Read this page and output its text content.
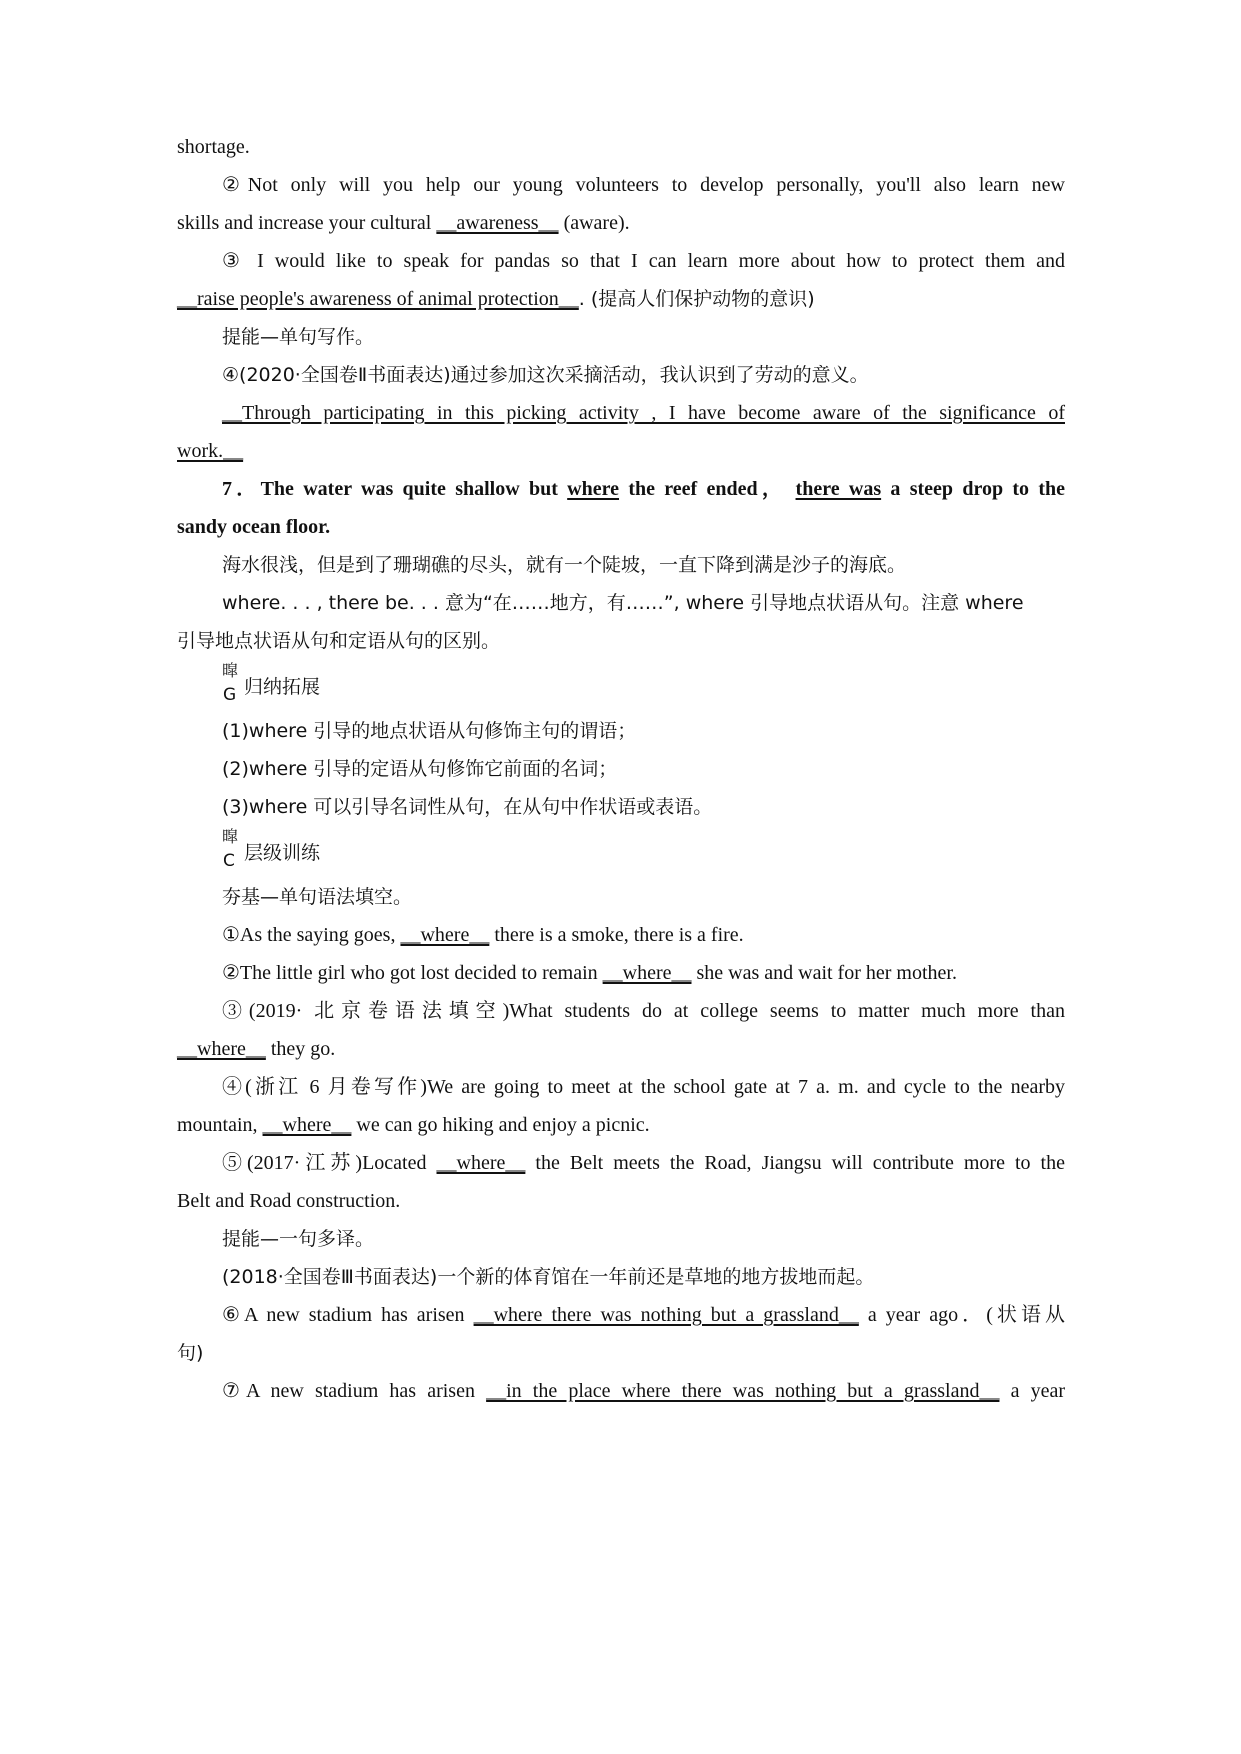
shortage.
②Not only will you help our young volunteers to develop personally, you'll also learn new
skills and increase your cultural __awareness__ (aware).
③ I would like to speak for pandas so that I can learn more about how to protect them and
__raise people's awareness of animal protection__. (提高人们保护动物的意识)
提能—单句写作。
④(2020·全国卷Ⅱ书面表达)通过参加这次采摘活动，我认识到了劳动的意义。
__Through participating in this picking activity , I have become aware of the significance of
work.__
7．The water was quite shallow but where the reef ended， there was a steep drop to the
sandy ocean floor.
海水很浅，但是到了珊瑚礁的尽头，就有一个陡坡，一直下降到满是沙子的海底。
where. . . , there be. . . 意为“在……地方，有……”, where 引导地点状语从句。注意 where
引导地点状语从句和定语从句的区别。
暭
G 归纳拓展
(1)where 引导的地点状语从句修饰主句的谓语；
(2)where 引导的定语从句修饰它前面的名词；
(3)where 可以引导名词性从句，在从句中作状语或表语。
暭
C 层级训练
夯基—单句语法填空。
①As the saying goes, __where__ there is a smoke, there is a fire.
②The little girl who got lost decided to remain __where__ she was and wait for her mother.
③(2019· 北京卷语法填空)What students do at college seems to matter much more than
__where__ they go.
④(浙江 6 月卷写作)We are going to meet at the school gate at 7 a. m. and cycle to the nearby
mountain, __where__ we can go hiking and enjoy a picnic.
⑤(2017·江苏)Located __where__ the Belt meets the Road, Jiangsu will contribute more to the
Belt and Road construction.
提能—一句多译。
(2018·全国卷Ⅲ书面表达)一个新的体育馆在一年前还是草地的地方拔地而起。
⑥A new stadium has arisen __where there was nothing but a grassland__ a year ago．(状语从
句)
⑦A new stadium has arisen __in the place where there was nothing but a grassland__ a year
